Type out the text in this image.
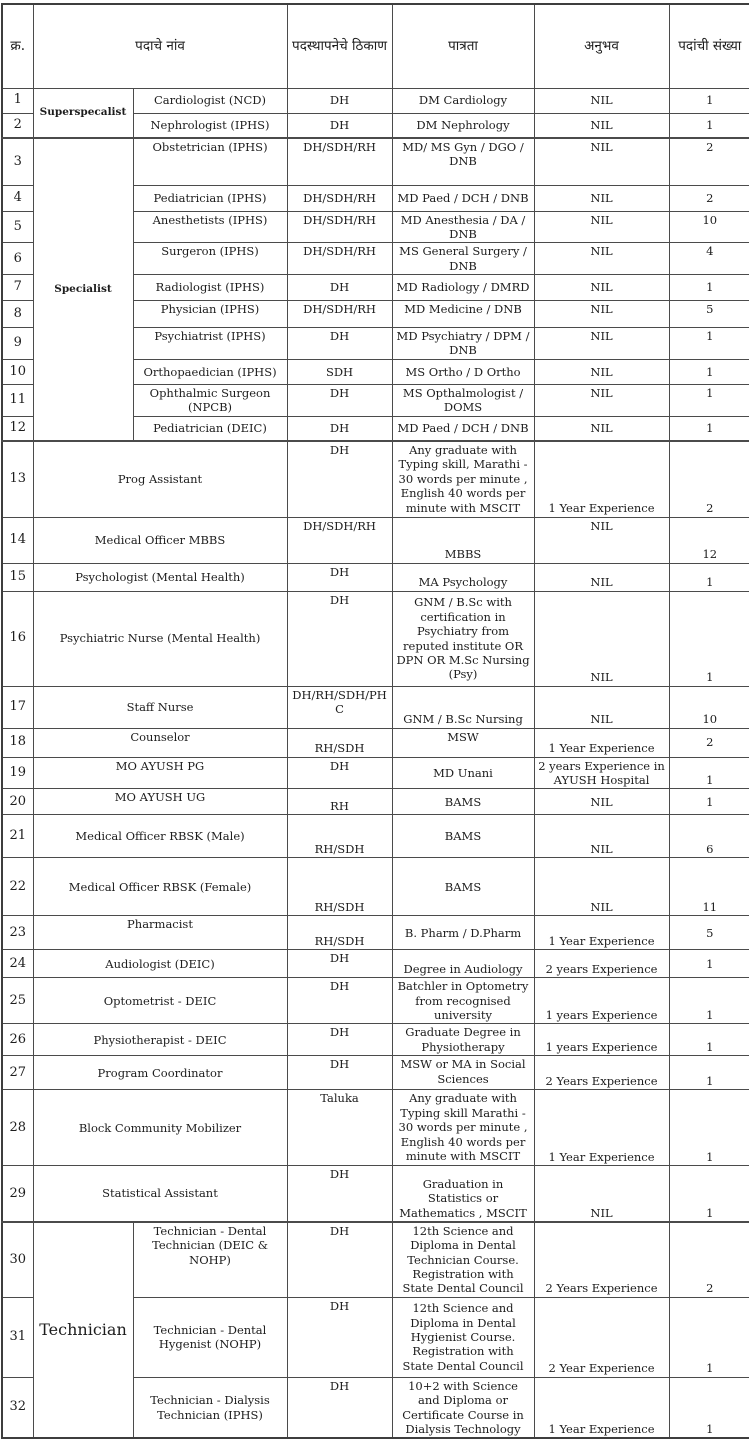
क्र.	पदाचे नांव		पदस्थापनेचे ठिकाण	पात्रता	अनुभव	पदांची संख्या
1	Superspecalist	Cardiologist (NCD)	DH	DM Cardiology	NIL	1
2		Nephrologist (IPHS)	DH	DM Nephrology	NIL	1
3	Specialist	Obstetrician (IPHS)	DH/SDH/RH	MD/ MS Gyn / DGO / DNB	NIL	2
4		Pediatrician (IPHS)	DH/SDH/RH	MD Paed / DCH / DNB	NIL	2
5		Anesthetists (IPHS)	DH/SDH/RH	MD Anesthesia / DA / DNB	NIL	10
6		Surgeron (IPHS)	DH/SDH/RH	MS General Surgery / DNB	NIL	4
7		Radiologist (IPHS)	DH	MD Radiology / DMRD	NIL	1
8		Physician (IPHS)	DH/SDH/RH	MD Medicine / DNB	NIL	5
9		Psychiatrist (IPHS)	DH	MD Psychiatry / DPM / DNB	NIL	1
10		Orthopaedician (IPHS)	SDH	MS Ortho / D Ortho	NIL	1
11		Ophthalmic Surgeon (NPCB)	DH	MS Opthalmologist / DOMS	NIL	1
12		Pediatrician (DEIC)	DH	MD Paed / DCH / DNB	NIL	1
13	Prog Assistant		DH	Any graduate with Typing skill, Marathi - 30 words per minute , English 40 words per minute with MSCIT	1 Year Experience	2
14	Medical Officer MBBS		DH/SDH/RH	MBBS	NIL	12
15	Psychologist (Mental Health)		DH	MA Psychology	NIL	1
16	Psychiatric Nurse (Mental Health)		DH	GNM / B.Sc with certification in Psychiatry from reputed institute OR DPN OR M.Sc Nursing (Psy)	NIL	1
17	Staff Nurse		DH/RH/SDH/PHC	GNM / B.Sc Nursing	NIL	10
18	Counselor		RH/SDH	MSW	1 Year Experience	2
19	MO AYUSH PG		DH	MD Unani	2 years Experience in AYUSH Hospital	1
20	MO AYUSH UG		RH	BAMS	NIL	1
21	Medical Officer RBSK (Male)		RH/SDH	BAMS	NIL	6
22	Medical Officer RBSK (Female)		RH/SDH	BAMS	NIL	11
23	Pharmacist		RH/SDH	B. Pharm / D.Pharm	1 Year Experience	5
24	Audiologist (DEIC)		DH	Degree in Audiology	2 years Experience	1
25	Optometrist - DEIC		DH	Batchler in Optometry from recognised university	1 years Experience	1
26	Physiotherapist - DEIC		DH	Graduate Degree in Physiotherapy	1 years Experience	1
27	Program Coordinator		DH	MSW or MA in Social Sciences	2 Years Experience	1
28	Block Community Mobilizer		Taluka	Any graduate with Typing skill Marathi - 30 words per minute , English 40 words per minute with MSCIT	1 Year Experience	1
29	Statistical Assistant		DH	Graduation in Statistics or Mathematics , MSCIT	NIL	1
30	Technician	Technician - Dental Technician (DEIC & NOHP)	DH	12th Science and Diploma in Dental Technician Course. Registration with State Dental Council	2 Years Experience	2
31		Technician - Dental Hygenist (NOHP)	DH	12th Science and Diploma in Dental Hygienist Course. Registration with State Dental Council	2 Year Experience	1
32		Technician - Dialysis Technician (IPHS)	DH	10+2 with Science and Diploma or Certificate Course in Dialysis Technology	1 Year Experience	1
